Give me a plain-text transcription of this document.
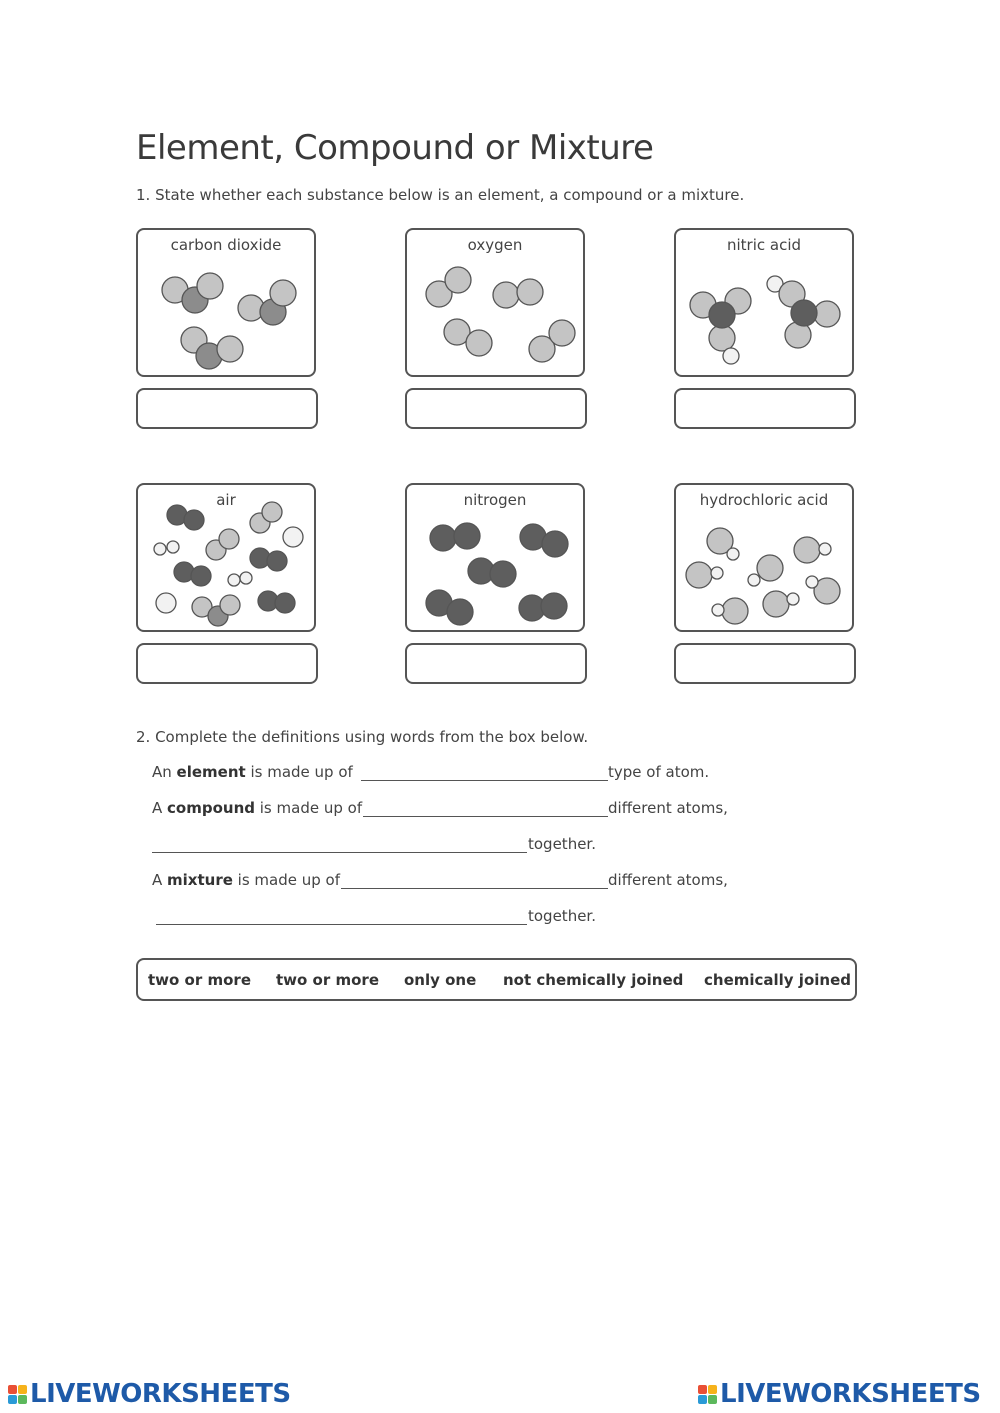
Element, Compound or Mixture
1. State whether each substance below is an element, a compound or a mixture.
carbon dioxide	oxygen	nitric acid
air	nitrogen	hydrochloric acid
2. Complete the definitions using words from the box below.
An element is made up of	type of atom.
A compound is made up of	different atoms,
together.
A mixture is made up of	different atoms,
together.
two or more two or more only one not chemically joined chemically joined
LIVEWORKSHEETS	LIVEWORKSHEETS
